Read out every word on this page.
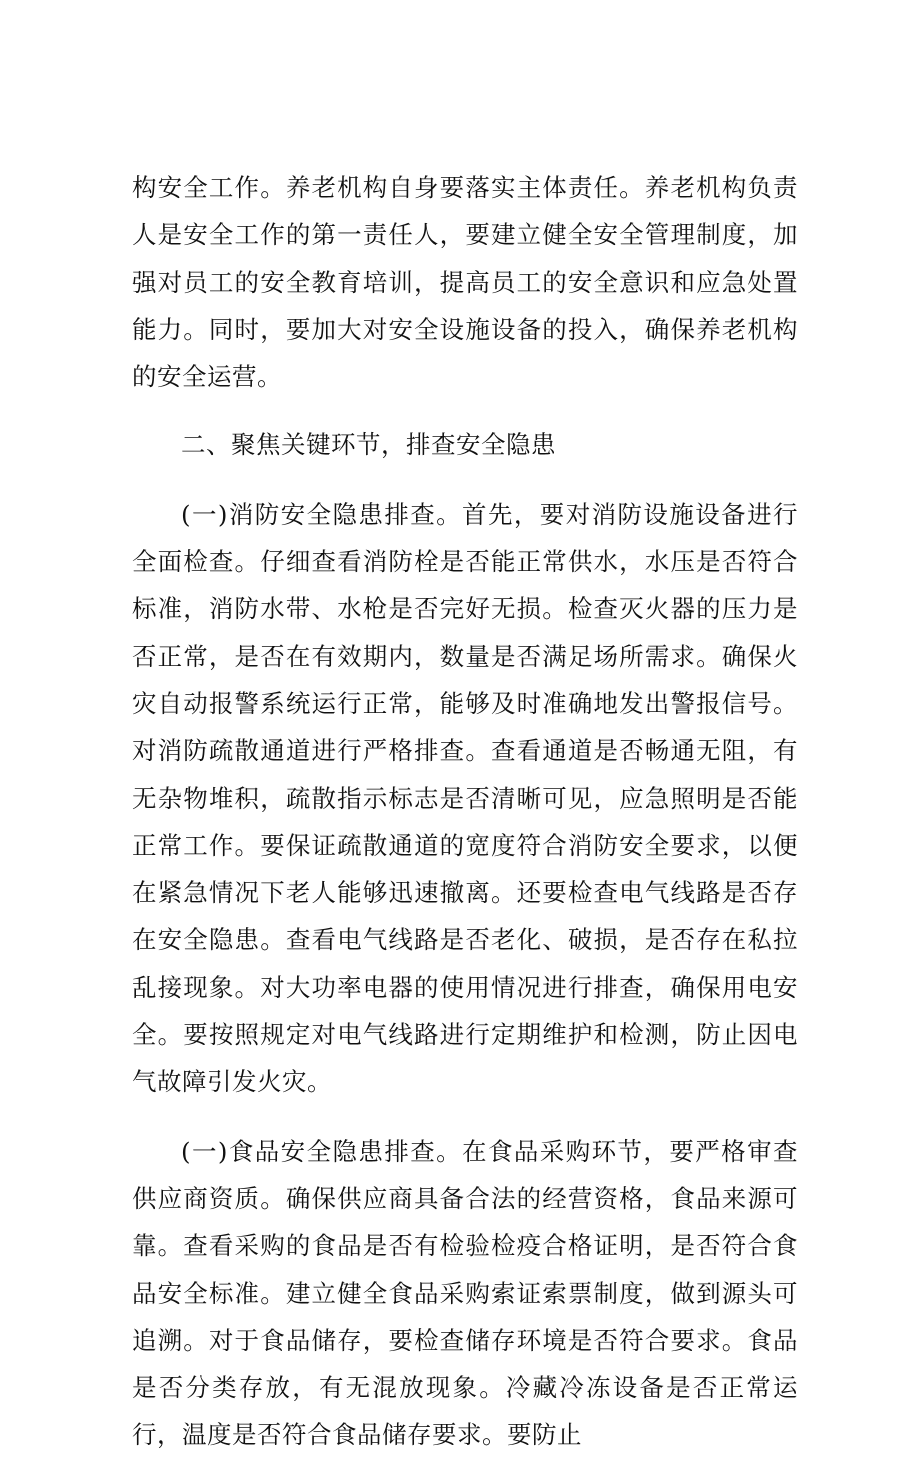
构安全工作。养老机构自身要落实主体责任。养老机构负责人是安全工作的第一责任人，要建立健全安全管理制度，加强对员工的安全教育培训，提高员工的安全意识和应急处置能力。同时，要加大对安全设施设备的投入，确保养老机构的安全运营。

二、聚焦关键环节，排查安全隐患

(一)消防安全隐患排查。首先，要对消防设施设备进行全面检查。仔细查看消防栓是否能正常供水，水压是否符合标准，消防水带、水枪是否完好无损。检查灭火器的压力是否正常，是否在有效期内，数量是否满足场所需求。确保火灾自动报警系统运行正常，能够及时准确地发出警报信号。对消防疏散通道进行严格排查。查看通道是否畅通无阻，有无杂物堆积，疏散指示标志是否清晰可见，应急照明是否能正常工作。要保证疏散通道的宽度符合消防安全要求，以便在紧急情况下老人能够迅速撤离。还要检查电气线路是否存在安全隐患。查看电气线路是否老化、破损，是否存在私拉乱接现象。对大功率电器的使用情况进行排查，确保用电安全。要按照规定对电气线路进行定期维护和检测，防止因电气故障引发火灾。

(一)食品安全隐患排查。在食品采购环节，要严格审查供应商资质。确保供应商具备合法的经营资格，食品来源可靠。查看采购的食品是否有检验检疫合格证明，是否符合食品安全标准。建立健全食品采购索证索票制度，做到源头可追溯。对于食品储存，要检查储存环境是否符合要求。食品是否分类存放，有无混放现象。冷藏冷冻设备是否正常运行，温度是否符合食品储存要求。要防止
